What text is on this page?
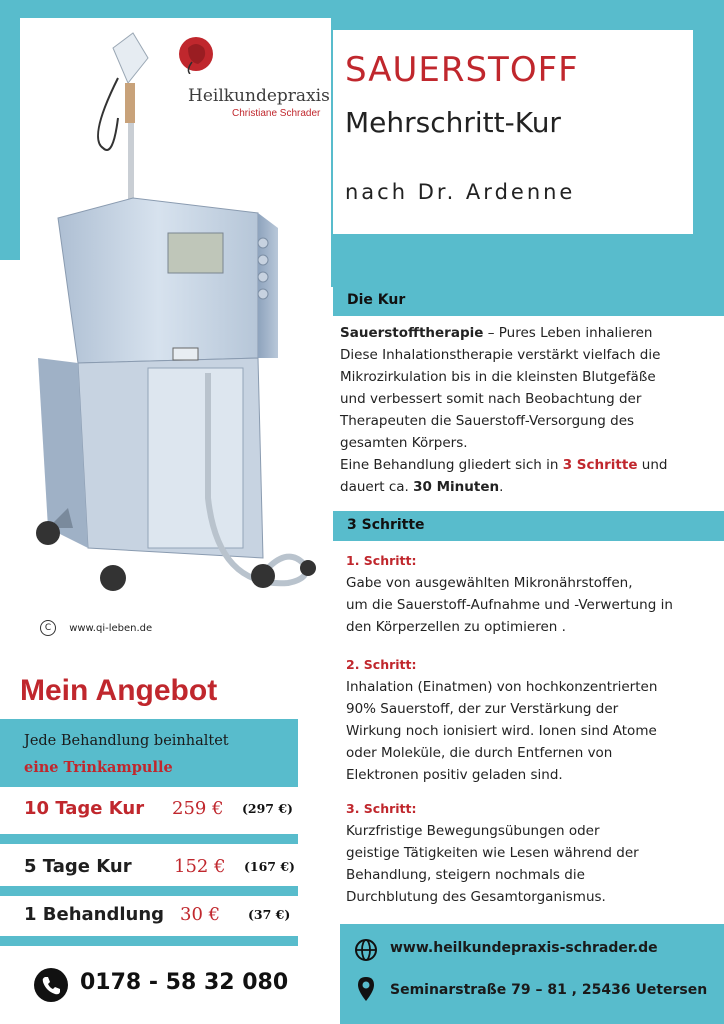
SAUERSTOFF
Mehrschritt-Kur
nach Dr. Ardenne
Heilkundepraxis
Christiane Schrader
C www.qi-leben.de
Die Kur
Sauerstofftherapie – Pures Leben inhalieren
Diese Inhalationstherapie verstärkt vielfach die
Mikrozirkulation bis in die kleinsten Blutgefäße
und verbessert somit nach Beobachtung der
Therapeuten die Sauerstoff-Versorgung des
gesamten Körpers.
Eine Behandlung gliedert sich in 3 Schritte und
dauert ca. 30 Minuten.
3 Schritte
1. Schritt:
Gabe von ausgewählten Mikronährstoffen,
um die Sauerstoff-Aufnahme und -Verwertung in
den Körperzellen zu optimieren .
2. Schritt:
Inhalation (Einatmen) von hochkonzentrierten
90% Sauerstoff, der zur Verstärkung der
Wirkung noch ionisiert wird. Ionen sind Atome
oder Moleküle, die durch Entfernen von
Elektronen positiv geladen sind.
3. Schritt:
Kurzfristige Bewegungsübungen oder
geistige Tätigkeiten wie Lesen während der
Behandlung, steigern nochmals die
Durchblutung des Gesamtorganismus.
Mein Angebot
Jede Behandlung beinhaltet
eine Trinkampulle
10 Tage Kur 259 € (297 €)
5 Tage Kur 152 € (167 €)
1 Behandlung 30 € (37 €)
0178 - 58 32 080
www.heilkundepraxis-schrader.de
Seminarstraße 79 – 81 , 25436 Uetersen
